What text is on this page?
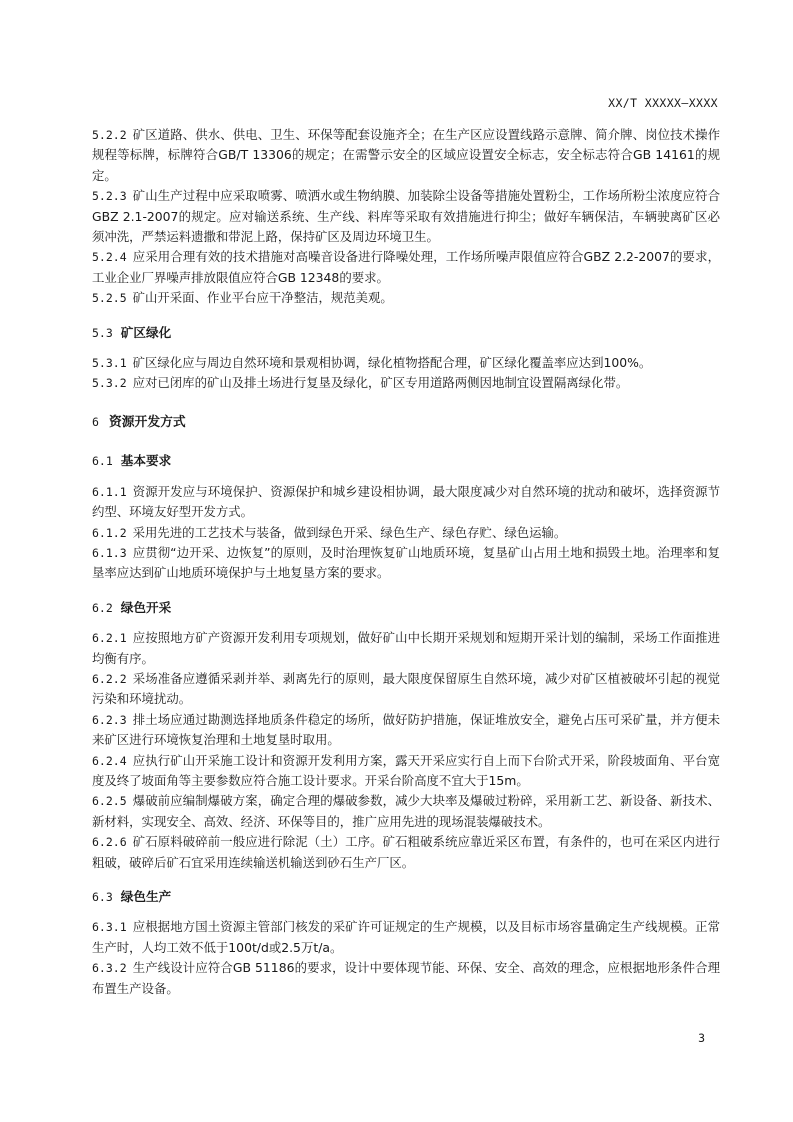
XX/T XXXXX—XXXX

5.2.2 矿区道路、供水、供电、卫生、环保等配套设施齐全；在生产区应设置线路示意牌、简介牌、岗位技术操作规程等标牌，标牌符合GB/T 13306的规定；在需警示安全的区域应设置安全标志，安全标志符合GB 14161的规定。

5.2.3 矿山生产过程中应采取喷雾、喷洒水或生物纳膜、加装除尘设备等措施处置粉尘，工作场所粉尘浓度应符合GBZ 2.1-2007的规定。应对输送系统、生产线、料库等采取有效措施进行抑尘；做好车辆保洁，车辆驶离矿区必须冲洗，严禁运料遗撒和带泥上路，保持矿区及周边环境卫生。

5.2.4 应采用合理有效的技术措施对高噪音设备进行降噪处理，工作场所噪声限值应符合GBZ 2.2-2007的要求，工业企业厂界噪声排放限值应符合GB 12348的要求。

5.2.5 矿山开采面、作业平台应干净整洁，规范美观。

5.3 矿区绿化

5.3.1 矿区绿化应与周边自然环境和景观相协调，绿化植物搭配合理，矿区绿化覆盖率应达到100%。

5.3.2 应对已闭库的矿山及排土场进行复垦及绿化，矿区专用道路两侧因地制宜设置隔离绿化带。

6 资源开发方式

6.1 基本要求

6.1.1 资源开发应与环境保护、资源保护和城乡建设相协调，最大限度减少对自然环境的扰动和破坏，选择资源节约型、环境友好型开发方式。

6.1.2 采用先进的工艺技术与装备，做到绿色开采、绿色生产、绿色存贮、绿色运输。

6.1.3 应贯彻“边开采、边恢复”的原则，及时治理恢复矿山地质环境，复垦矿山占用土地和损毁土地。治理率和复垦率应达到矿山地质环境保护与土地复垦方案的要求。

6.2 绿色开采

6.2.1 应按照地方矿产资源开发利用专项规划，做好矿山中长期开采规划和短期开采计划的编制，采场工作面推进均衡有序。

6.2.2 采场准备应遵循采剥并举、剥离先行的原则，最大限度保留原生自然环境，减少对矿区植被破坏引起的视觉污染和环境扰动。

6.2.3 排土场应通过勘测选择地质条件稳定的场所，做好防护措施，保证堆放安全，避免占压可采矿量，并方便未来矿区进行环境恢复治理和土地复垦时取用。

6.2.4 应执行矿山开采施工设计和资源开发利用方案，露天开采应实行自上而下台阶式开采，阶段坡面角、平台宽度及终了坡面角等主要参数应符合施工设计要求。开采台阶高度不宜大于15m。

6.2.5 爆破前应编制爆破方案，确定合理的爆破参数，减少大块率及爆破过粉碎，采用新工艺、新设备、新技术、新材料，实现安全、高效、经济、环保等目的，推广应用先进的现场混装爆破技术。

6.2.6 矿石原料破碎前一般应进行除泥（土）工序。矿石粗破系统应靠近采区布置，有条件的，也可在采区内进行粗破，破碎后矿石宜采用连续输送机输送到砂石生产厂区。

6.3 绿色生产

6.3.1 应根据地方国土资源主管部门核发的采矿许可证规定的生产规模，以及目标市场容量确定生产线规模。正常生产时，人均工效不低于100t/d或2.5万t/a。

6.3.2 生产线设计应符合GB 51186的要求，设计中要体现节能、环保、安全、高效的理念，应根据地形条件合理布置生产设备。

3
